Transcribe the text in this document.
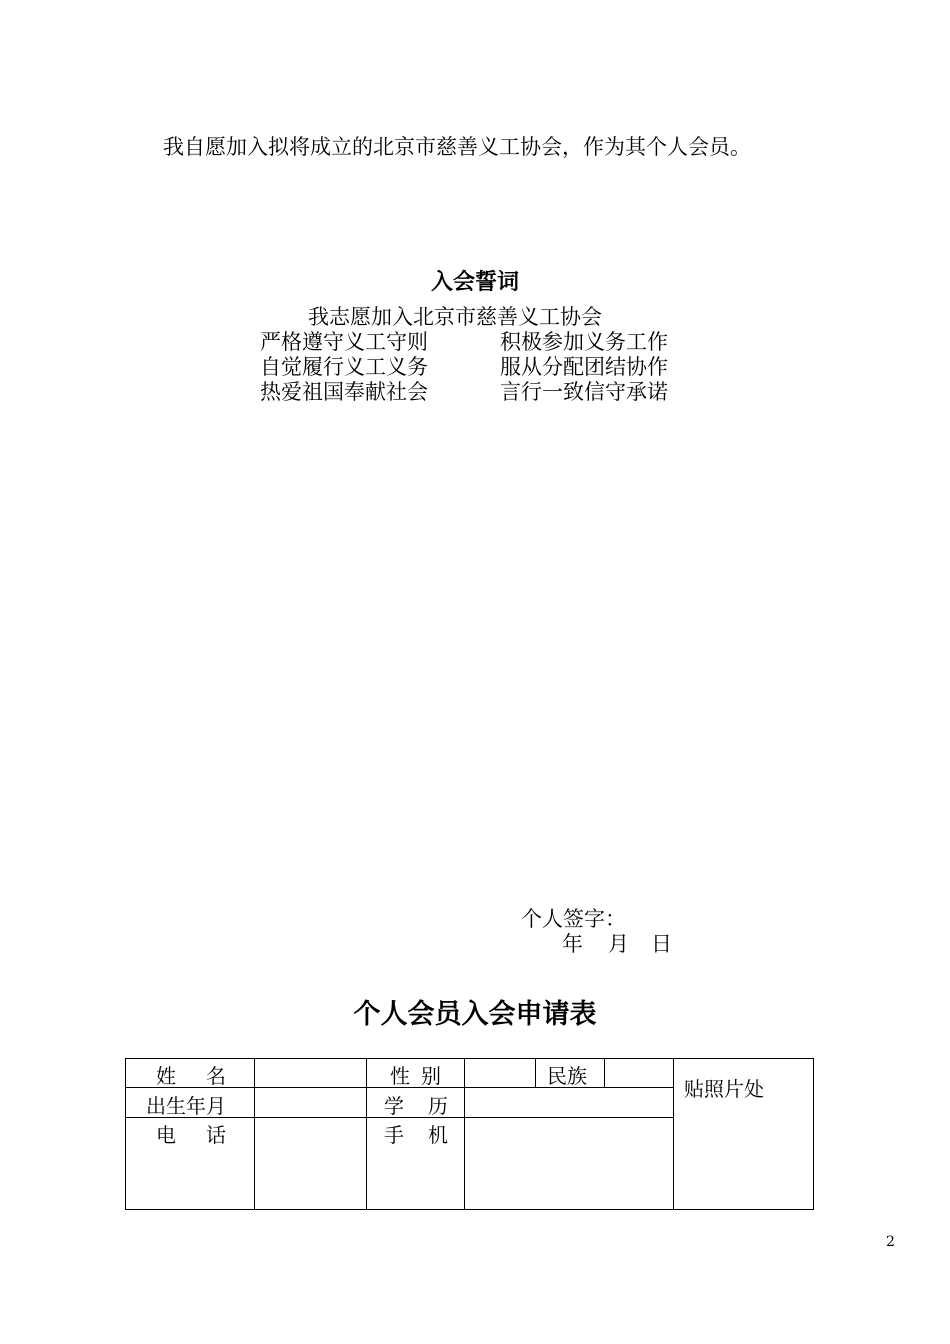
我自愿加入拟将成立的北京市慈善义工协会，作为其个人会员。
入会誓词
我志愿加入北京市慈善义工协会
严格遵守义工守则	积极参加义务工作
自觉履行义工义务	服从分配团结协作
热爱祖国奉献社会	言行一致信守承诺
个人签字：
年 月 日
个人会员入会申请表
姓 名	性 别	民族
贴照片处
出生年月	学 历
电 话	手 机
2
